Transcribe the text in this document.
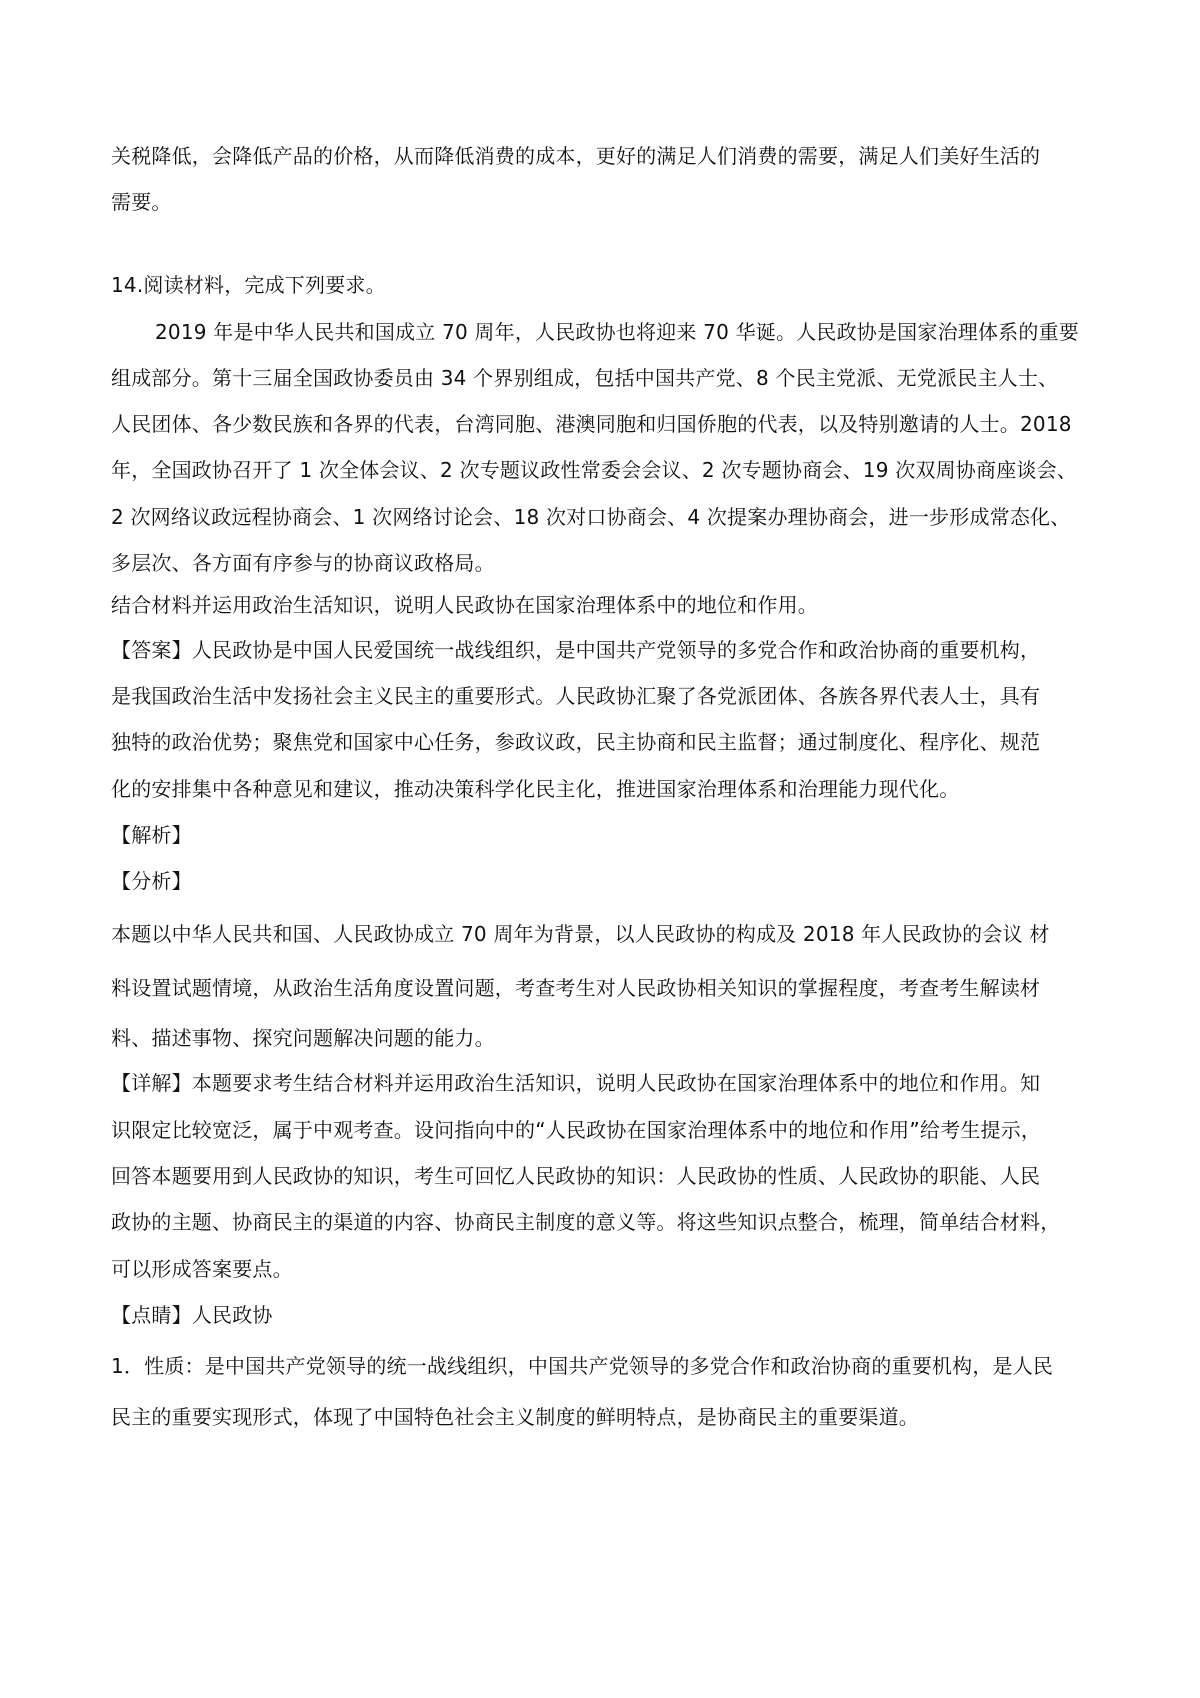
关税降低，会降低产品的价格，从而降低消费的成本，更好的满足人们消费的需要，满足人们美好生活的
需要。
14.阅读材料，完成下列要求。
2019 年是中华人民共和国成立 70 周年，人民政协也将迎来 70 华诞。人民政协是国家治理体系的重要
组成部分。第十三届全国政协委员由 34 个界别组成，包括中国共产党、8 个民主党派、无党派民主人士、
人民团体、各少数民族和各界的代表，台湾同胞、港澳同胞和归国侨胞的代表，以及特别邀请的人士。2018
年，全国政协召开了 1 次全体会议、2 次专题议政性常委会会议、2 次专题协商会、19 次双周协商座谈会、
2 次网络议政远程协商会、1 次网络讨论会、18 次对口协商会、4 次提案办理协商会，进一步形成常态化、
多层次、各方面有序参与的协商议政格局。
结合材料并运用政治生活知识，说明人民政协在国家治理体系中的地位和作用。
【答案】人民政协是中国人民爱国统一战线组织，是中国共产党领导的多党合作和政治协商的重要机构，
是我国政治生活中发扬社会主义民主的重要形式。人民政协汇聚了各党派团体、各族各界代表人士，具有
独特的政治优势；聚焦党和国家中心任务，参政议政，民主协商和民主监督；通过制度化、程序化、规范
化的安排集中各种意见和建议，推动决策科学化民主化，推进国家治理体系和治理能力现代化。
【解析】
【分析】
本题以中华人民共和国、人民政协成立 70 周年为背景，以人民政协的构成及 2018 年人民政协的会议 材
料设置试题情境，从政治生活角度设置问题，考查考生对人民政协相关知识的掌握程度，考查考生解读材
料、描述事物、探究问题解决问题的能力。
【详解】本题要求考生结合材料并运用政治生活知识，说明人民政协在国家治理体系中的地位和作用。知
识限定比较宽泛，属于中观考查。设问指向中的“人民政协在国家治理体系中的地位和作用”给考生提示，
回答本题要用到人民政协的知识，考生可回忆人民政协的知识：人民政协的性质、人民政协的职能、人民
政协的主题、协商民主的渠道的内容、协商民主制度的意义等。将这些知识点整合，梳理，简单结合材料，
可以形成答案要点。
【点睛】人民政协
1．性质：是中国共产党领导的统一战线组织，中国共产党领导的多党合作和政治协商的重要机构，是人民
民主的重要实现形式，体现了中国特色社会主义制度的鲜明特点，是协商民主的重要渠道。
